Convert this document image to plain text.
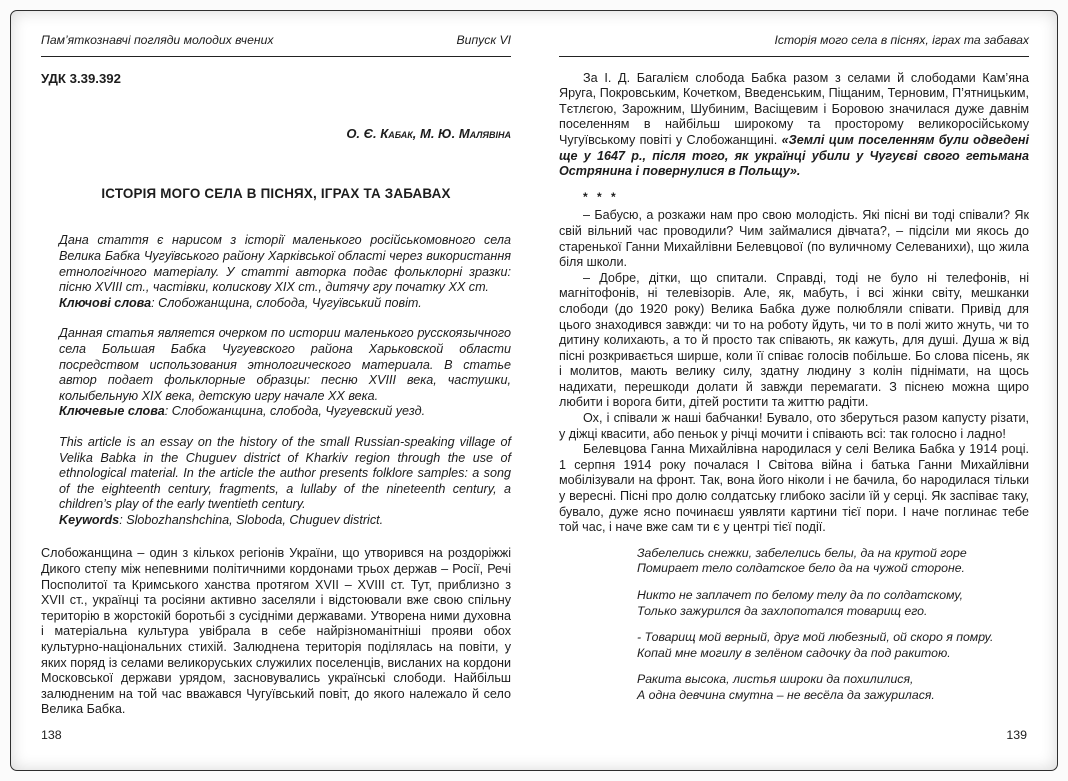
Пам’яткознавчі погляди молодих вчених	Випуск VI
УДК 3.39.392
О. Є. Кабак, М. Ю. Малявіна
ІСТОРІЯ МОГО СЕЛА В ПІСНЯХ, ІГРАХ ТА ЗАБАВАХ
Дана стаття є нарисом з історії маленького російськомовного села Велика Бабка Чугуївського району Харківської області через використання етнологічного матеріалу. У статті авторка подає фольклорні зразки: пісню XVIII ст., частівки, колискову XIX ст., дитячу гру початку XX ст.
Ключові слова: Слобожанщина, слобода, Чугуївський повіт.
Данная статья является очерком по истории маленького русскоязычного села Большая Бабка Чугуевского района Харьковской области посредством использования этнологического материала. В статье автор подает фольклорные образцы: песню XVIII века, частушки, колыбельную XIX века, детскую игру начале XX века.
Ключевые слова: Слобожанщина, слобода, Чугуевский уезд.
This article is an essay on the history of the small Russian-speaking village of Velika Babka in the Chuguev district of Kharkiv region through the use of ethnological material. In the article the author presents folklore samples: a song of the eighteenth century, fragments, a lullaby of the nineteenth century, a children’s play of the early twentieth century.
Keywords: Slobozhanshchina, Sloboda, Chuguev district.
Слобожанщина – один з кількох регіонів України, що утворився на роздоріжжі Дикого степу між непевними політичними кордонами трьох держав – Росії, Речі Посполитої та Кримського ханства протягом XVII – XVIII ст. Тут, приблизно з XVII ст., українці та росіяни активно заселяли і відстоювали вже свою спільну територію в жорстокій боротьбі з сусідніми державами. Утворена ними духовна і матеріальна культура увібрала в себе найрізноманітніші прояви обох культурно-національних стихій. Залюднена територія поділялась на повіти, у яких поряд із селами великоруських служилих поселенців, висланих на кордони Московської держави урядом, засновувались українські слободи. Найбільш залюдненим на той час вважався Чугуївський повіт, до якого належало й село Велика Бабка.
138
Історія мого села в піснях, іграх та забавах
За І. Д. Багалієм слобода Бабка разом з селами й слободами Кам’яна Яруга, Покровським, Кочетком, Введенським, Піщаним, Терновим, П’ятницьким, Тєтлєгою, Зарожним, Шубиним, Васіщевим і Боровою значилася дуже давнім поселенням в найбільш широкому та просторому великоросійському Чугуївському повіті у Слобожанщині. «Землі цим поселенням були одведені ще у 1647 р., після того, як українці убили у Чугуєві свого гетьмана Острянина і повернулися в Польщу».
* * *
– Бабусю, а розкажи нам про свою молодість. Які пісні ви тоді співали? Як свій вільний час проводили? Чим займалися дівчата?, – підсіли ми якось до старенької Ганни Михайлівни Белевцової (по вуличному Селеванихи), що жила біля школи.
– Добре, дітки, що спитали. Справді, тоді не було ні телефонів, ні магнітофонів, ні телевізорів. Але, як, мабуть, і всі жінки світу, мешканки слободи (до 1920 року) Велика Бабка дуже полюбляли співати. Привід для цього знаходився завжди: чи то на роботу йдуть, чи то в полі жито жнуть, чи то дитину колихають, а то й просто так співають, як кажуть, для душі. Душа ж від пісні розкривається ширше, коли її співає голосів побільше. Бо слова пісень, як і молитов, мають велику силу, здатну людину з колін піднімати, на щось надихати, перешкоди долати й завжди перемагати. З піснею можна щиро любити і ворога бити, дітей ростити та життю радіти.
Ох, і співали ж наші бабчанки! Бувало, ото зберуться разом капусту різати, у діжці квасити, або пеньок у річці мочити і співають всі: так голосно і ладно!
Белевцова Ганна Михайлівна народилася у селі Велика Бабка у 1914 році. 1 серпня 1914 року почалася І Світова війна і батька Ганни Михайлівни мобілізували на фронт. Так, вона його ніколи і не бачила, бо народилася тільки у вересні. Пісні про долю солдатську глибоко засіли їй у серці. Як заспіває таку, бувало, дуже ясно починаєш уявляти картини тієї пори. І наче поглинає тебе той час, і наче вже сам ти є у центрі тієї події.
Забелелись снежки, забелелись белы, да на крутой горе
Помирает тело солдатское бело да на чужой стороне.
Никто не заплачет по белому телу да по солдатскому,
Только зажурился да захлопотался товарищ его.
- Товарищ мой верный, друг мой любезный, ой скоро я помру.
Копай мне могилу в зелёном садочку да под ракитою.
Ракита высока, листья широки да похилилися,
А одна девчина смутна – не весёла да зажурилася.
139
